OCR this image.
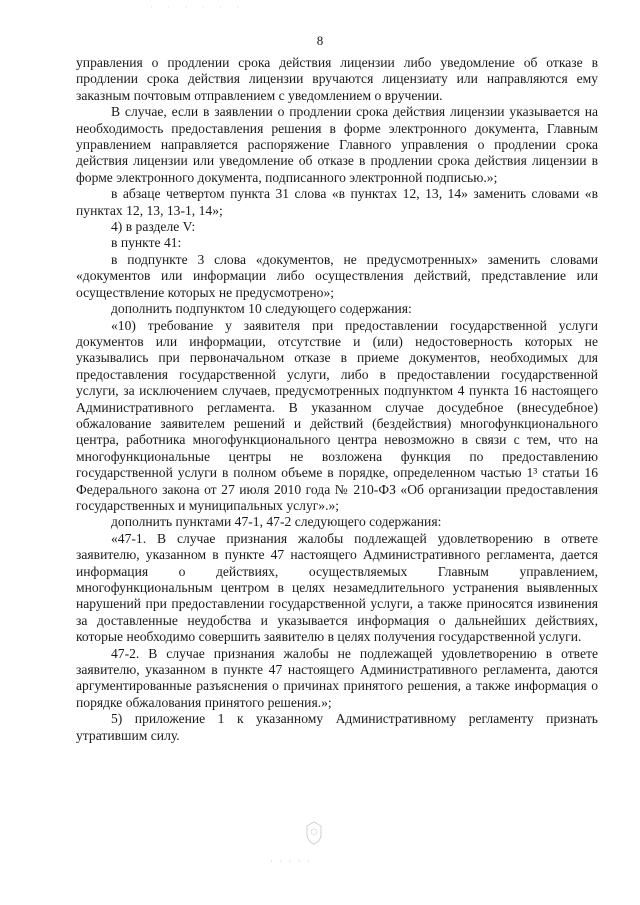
· · · · · ·
8

управления о продлении срока действия лицензии либо уведомление об отказе в продлении срока действия лицензии вручаются лицензиату или направляются ему заказным почтовым отправлением с уведомлением о вручении.

В случае, если в заявлении о продлении срока действия лицензии указывается на необходимость предоставления решения в форме электронного документа, Главным управлением направляется распоряжение Главного управления о продлении срока действия лицензии или уведомление об отказе в продлении срока действия лицензии в форме электронного документа, подписанного электронной подписью.»;

в абзаце четвертом пункта 31 слова «в пунктах 12, 13, 14» заменить словами «в пунктах 12, 13, 13-1, 14»;

4) в разделе V:

в пункте 41:

в подпункте 3 слова «документов, не предусмотренных» заменить словами «документов или информации либо осуществления действий, представление или осуществление которых не предусмотрено»;

дополнить подпунктом 10 следующего содержания:

«10) требование у заявителя при предоставлении государственной услуги документов или информации, отсутствие и (или) недостоверность которых не указывались при первоначальном отказе в приеме документов, необходимых для предоставления государственной услуги, либо в предоставлении государственной услуги, за исключением случаев, предусмотренных подпунктом 4 пункта 16 настоящего Административного регламента. В указанном случае досудебное (внесудебное) обжалование заявителем решений и действий (бездействия) многофункционального центра, работника многофункционального центра невозможно в связи с тем, что на многофункциональные центры не возложена функция по предоставлению государственной услуги в полном объеме в порядке, определенном частью 1³ статьи 16 Федерального закона от 27 июля 2010 года № 210-ФЗ «Об организации предоставления государственных и муниципальных услуг».»;

дополнить пунктами 47-1, 47-2 следующего содержания:

«47-1. В случае признания жалобы подлежащей удовлетворению в ответе заявителю, указанном в пункте 47 настоящего Административного регламента, дается информация о действиях, осуществляемых Главным управлением, многофункциональным центром в целях незамедлительного устранения выявленных нарушений при предоставлении государственной услуги, а также приносятся извинения за доставленные неудобства и указывается информация о дальнейших действиях, которые необходимо совершить заявителю в целях получения государственной услуги.

47-2. В случае признания жалобы не подлежащей удовлетворению в ответе заявителю, указанном в пункте 47 настоящего Административного регламента, даются аргументированные разъяснения о причинах принятого решения, а также информация о порядке обжалования принятого решения.»;

5) приложение 1 к указанному Административному регламенту признать утратившим силу.

· · · · ·
